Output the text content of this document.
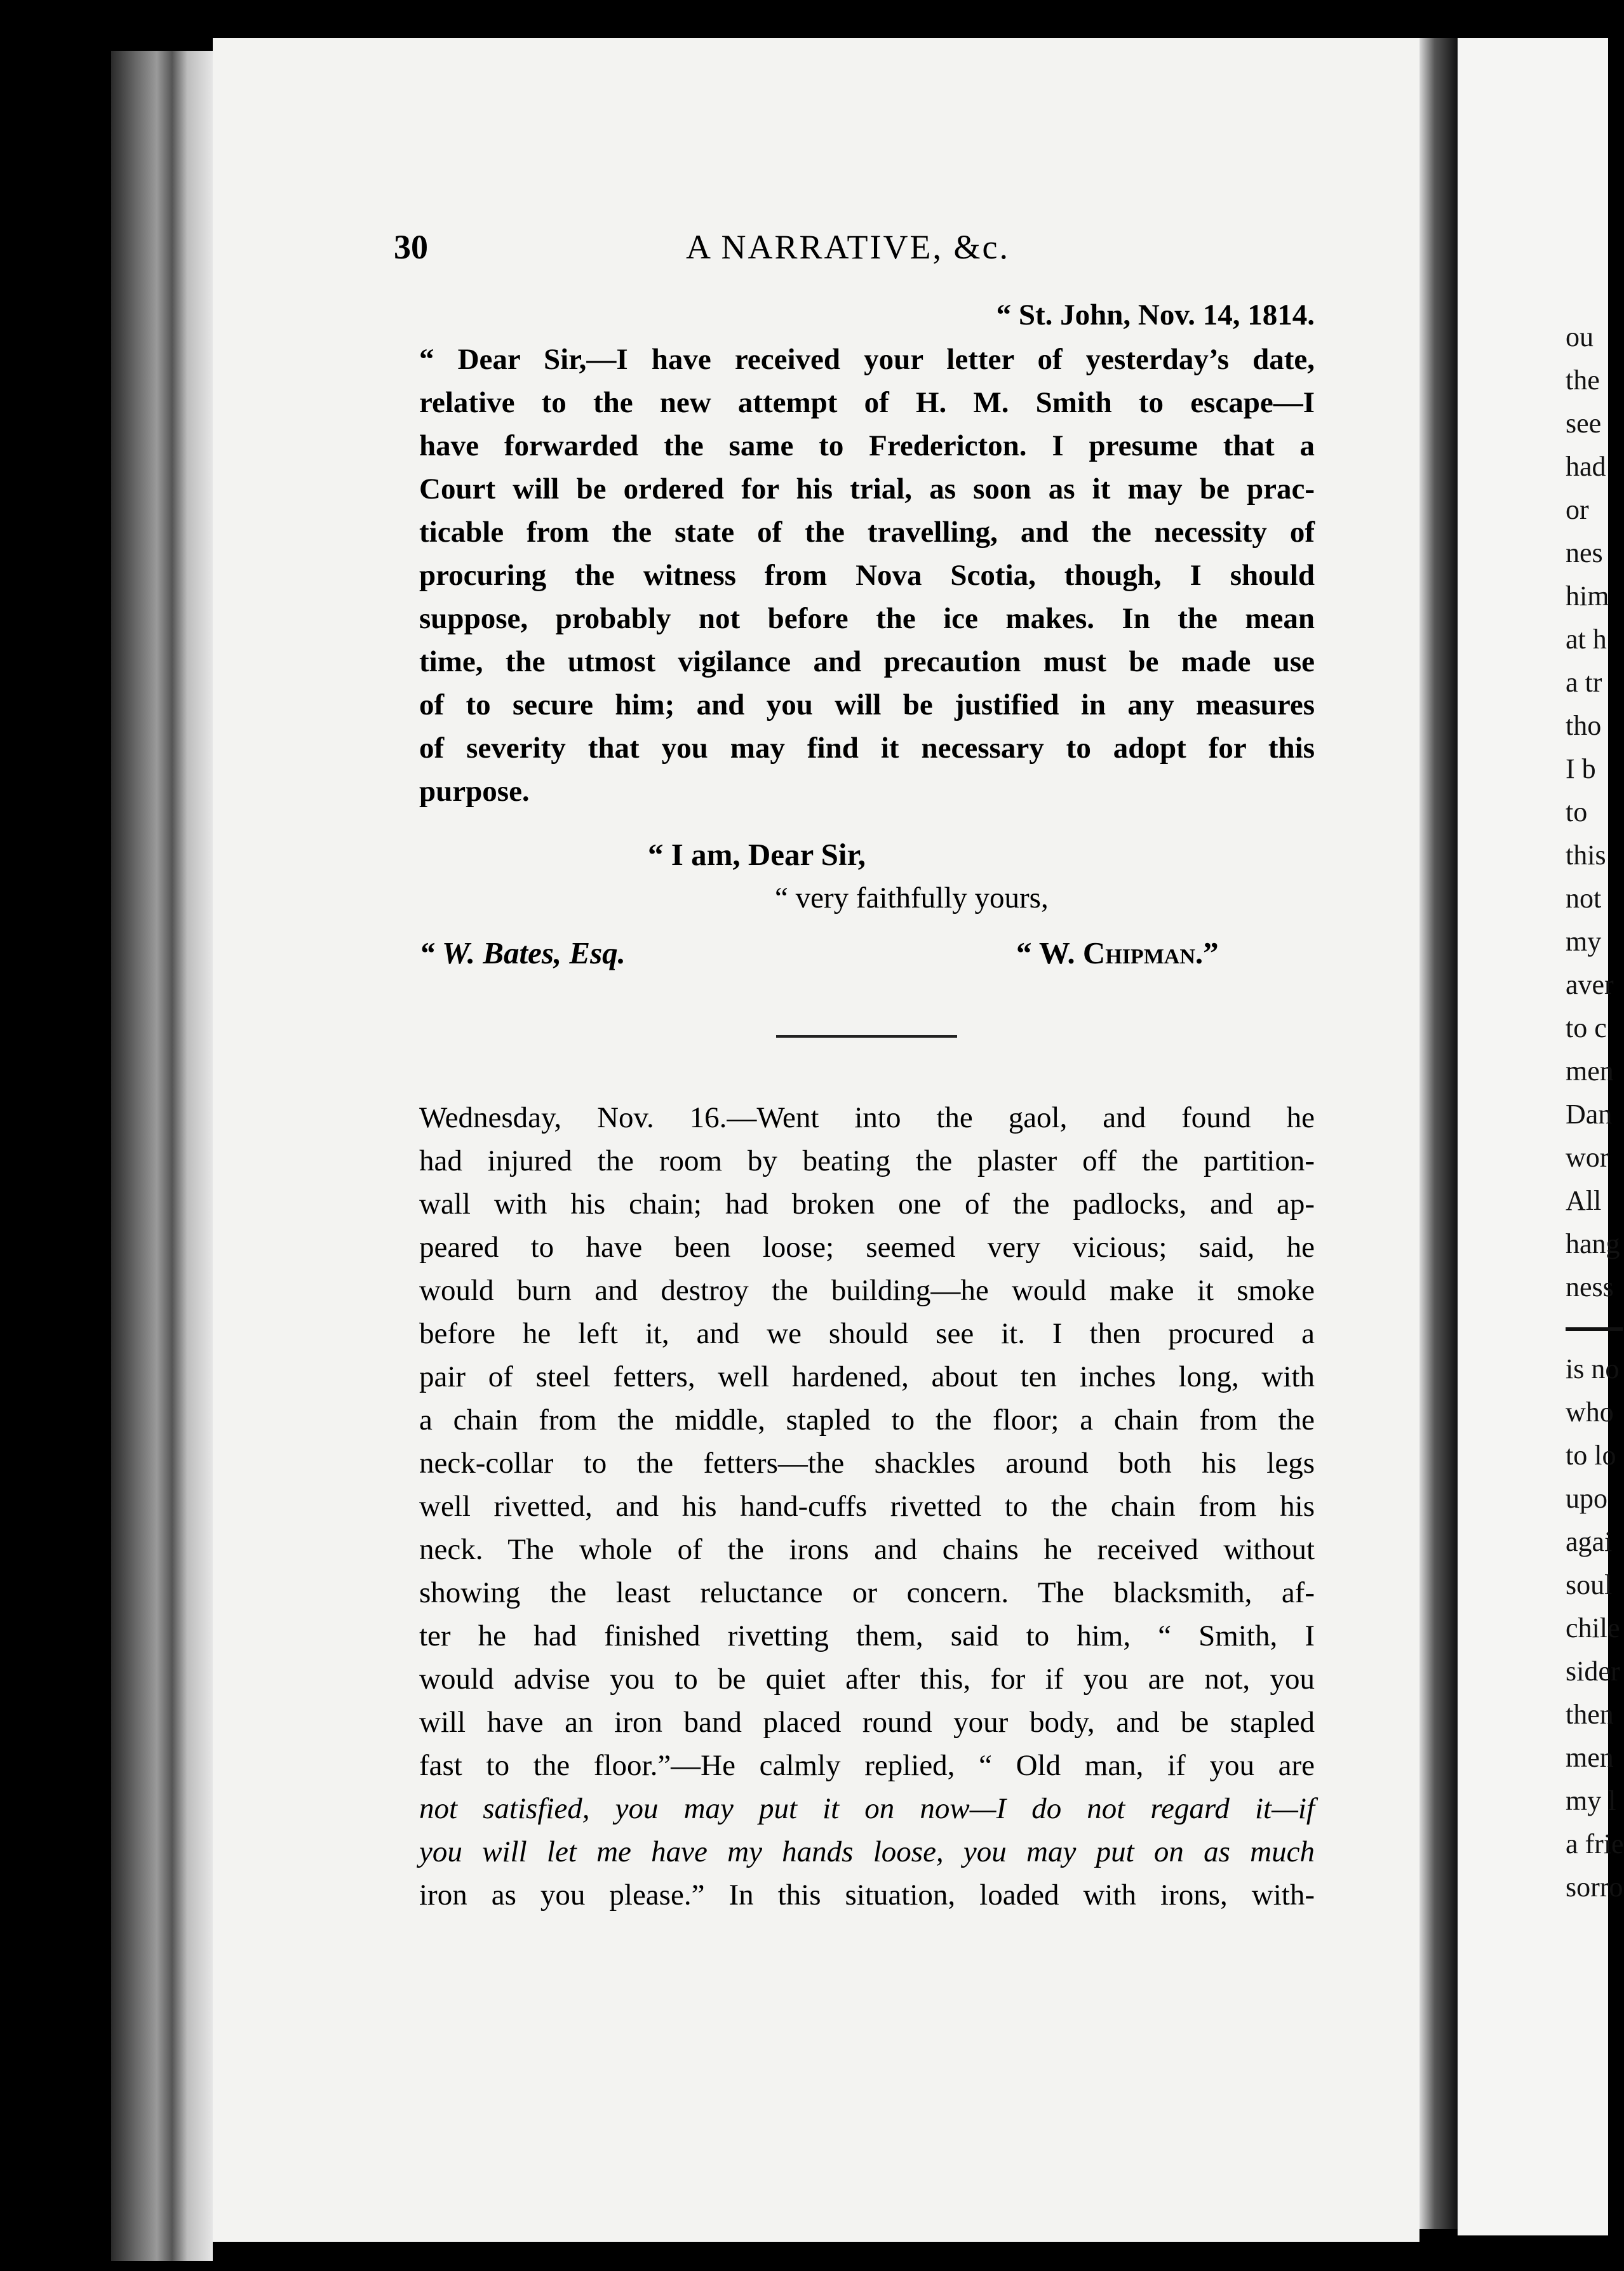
ou
the
see
had
or
nes
him
at h
a tr
tho
I b
to
this
not
my
aver
to c
men
Dan
wor
All
hang
ness
is no
who
to lo
upo
agai
soul
chile
sider
then
men
my l
a frie
sorro
30	A NARRATIVE, &c.
“ St. John, Nov. 14, 1814.
“ Dear Sir,—I have received your letter of yesterday’s date,
relative to the new attempt of H. M. Smith to escape—I
have forwarded the same to Fredericton. I presume that a
Court will be ordered for his trial, as soon as it may be prac-
ticable from the state of the travelling, and the necessity of
procuring the witness from Nova Scotia, though, I should
suppose, probably not before the ice makes. In the mean
time, the utmost vigilance and precaution must be made use
of to secure him; and you will be justified in any measures
of severity that you may find it necessary to adopt for this
purpose.
“ I am, Dear Sir,
“ very faithfully yours,
“ W. Bates, Esq.	“ W. Chipman.”
Wednesday, Nov. 16.—Went into the gaol, and found he
had injured the room by beating the plaster off the partition-
wall with his chain; had broken one of the padlocks, and ap-
peared to have been loose; seemed very vicious; said, he
would burn and destroy the building—he would make it smoke
before he left it, and we should see it. I then procured a
pair of steel fetters, well hardened, about ten inches long, with
a chain from the middle, stapled to the floor; a chain from the
neck-collar to the fetters—the shackles around both his legs
well rivetted, and his hand-cuffs rivetted to the chain from his
neck. The whole of the irons and chains he received without
showing the least reluctance or concern. The blacksmith, af-
ter he had finished rivetting them, said to him, “ Smith, I
would advise you to be quiet after this, for if you are not, you
will have an iron band placed round your body, and be stapled
fast to the floor.”—He calmly replied, “ Old man, if you are
not satisfied, you may put it on now—I do not regard it—if
you will let me have my hands loose, you may put on as much
iron as you please.” In this situation, loaded with irons, with-
